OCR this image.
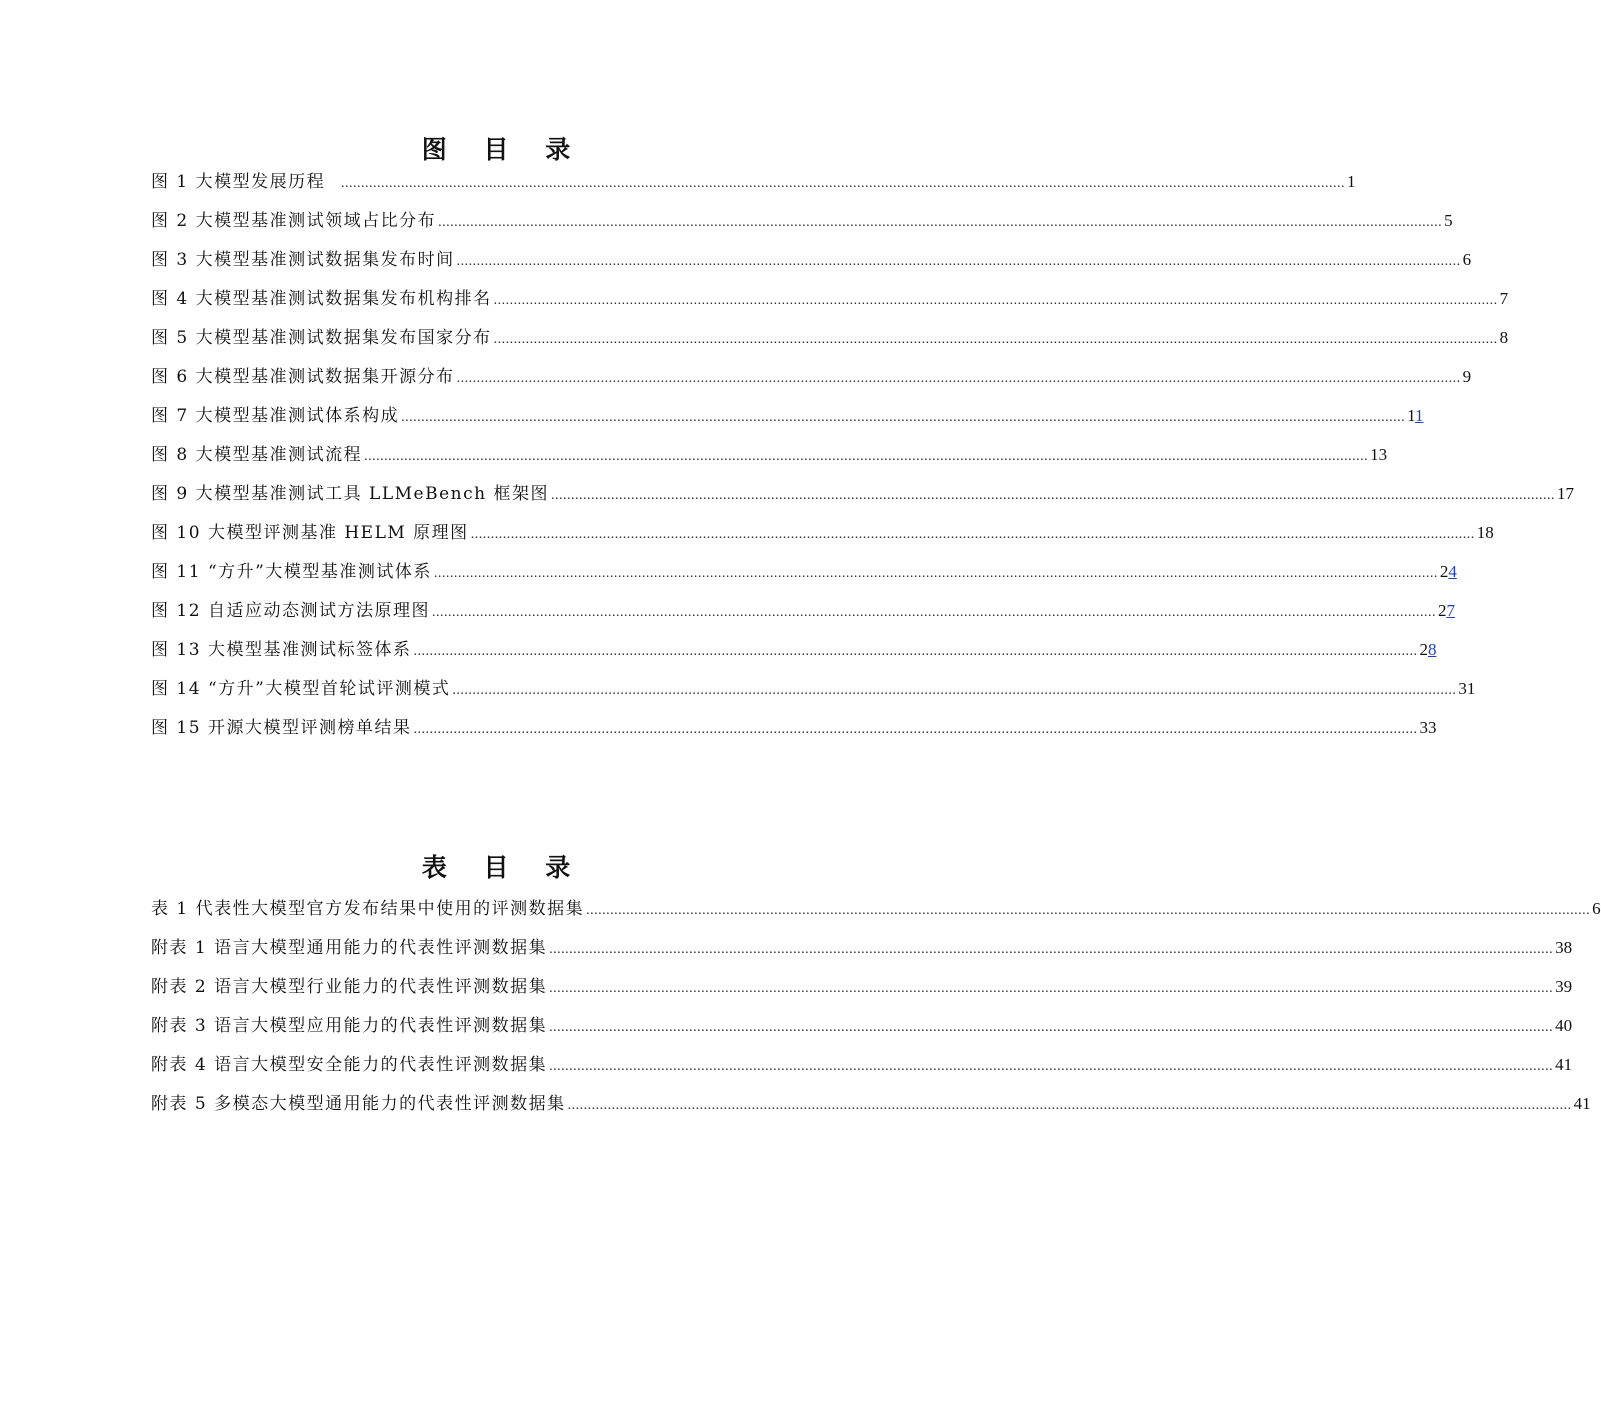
图 目 录
图 1 大模型发展历程 ........................................................................................................................................................................................................................................................... 1
图 2 大模型基准测试领域占比分布 ........................................................................................................................................................................................................................................................... 5
图 3 大模型基准测试数据集发布时间 ........................................................................................................................................................................................................................................................... 6
图 4 大模型基准测试数据集发布机构排名 ........................................................................................................................................................................................................................................................... 7
图 5 大模型基准测试数据集发布国家分布 ........................................................................................................................................................................................................................................................... 8
图 6 大模型基准测试数据集开源分布 ........................................................................................................................................................................................................................................................... 9
图 7 大模型基准测试体系构成 ........................................................................................................................................................................................................................................................... 11
图 8 大模型基准测试流程 ........................................................................................................................................................................................................................................................... 13
图 9 大模型基准测试工具 LLMeBench 框架图 ........................................................................................................................................................................................................................................................... 17
图 10 大模型评测基准 HELM 原理图 ........................................................................................................................................................................................................................................................... 18
图 11 “方升”大模型基准测试体系 ........................................................................................................................................................................................................................................................... 24
图 12 自适应动态测试方法原理图 ........................................................................................................................................................................................................................................................... 27
图 13 大模型基准测试标签体系 ........................................................................................................................................................................................................................................................... 28
图 14 “方升”大模型首轮试评测模式 ........................................................................................................................................................................................................................................................... 31
图 15 开源大模型评测榜单结果 ........................................................................................................................................................................................................................................................... 33
表 目 录
表 1 代表性大模型官方发布结果中使用的评测数据集 ........................................................................................................................................................................................................................................................... 6
附表 1 语言大模型通用能力的代表性评测数据集 ........................................................................................................................................................................................................................................................... 38
附表 2 语言大模型行业能力的代表性评测数据集 ........................................................................................................................................................................................................................................................... 39
附表 3 语言大模型应用能力的代表性评测数据集 ........................................................................................................................................................................................................................................................... 40
附表 4 语言大模型安全能力的代表性评测数据集 ........................................................................................................................................................................................................................................................... 41
附表 5 多模态大模型通用能力的代表性评测数据集 ........................................................................................................................................................................................................................................................... 41
